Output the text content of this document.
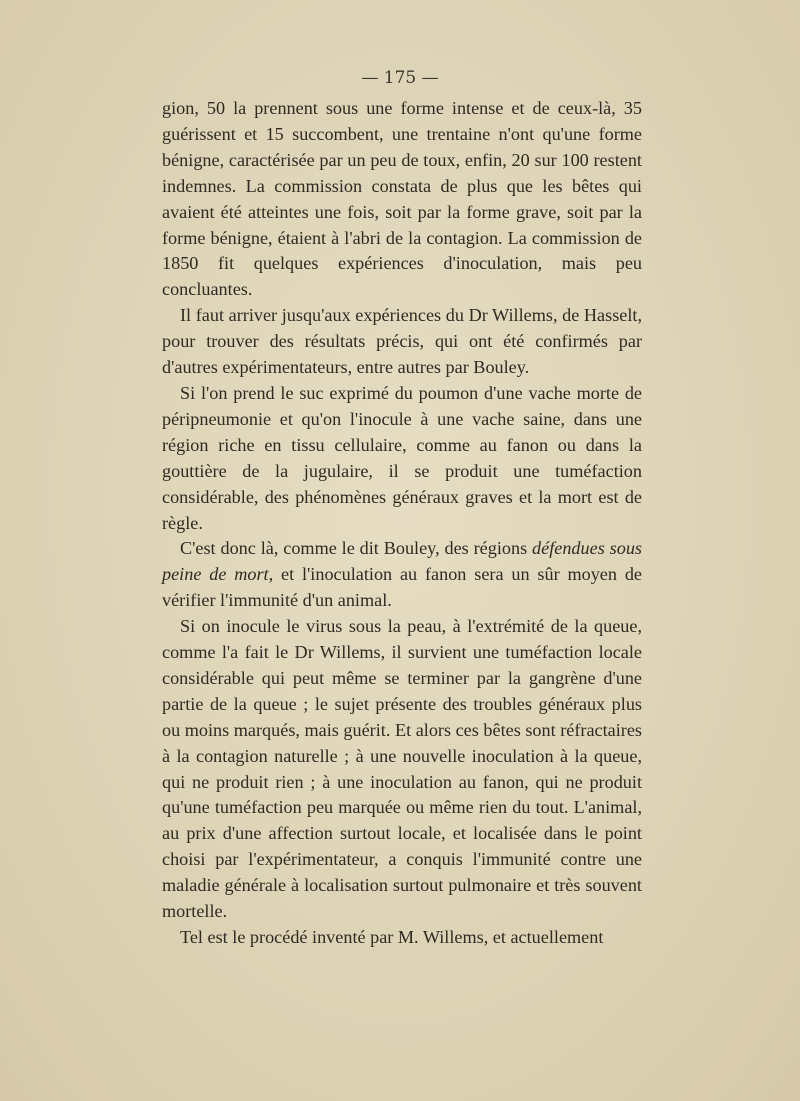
— 175 —

gion, 50 la prennent sous une forme intense et de ceux-là, 35 guérissent et 15 succombent, une trentaine n'ont qu'une forme bénigne, caractérisée par un peu de toux, enfin, 20 sur 100 restent indemnes. La commission constata de plus que les bêtes qui avaient été atteintes une fois, soit par la forme grave, soit par la forme bénigne, étaient à l'abri de la contagion. La commission de 1850 fit quelques expériences d'inoculation, mais peu concluantes.

Il faut arriver jusqu'aux expériences du Dr Willems, de Hasselt, pour trouver des résultats précis, qui ont été confirmés par d'autres expérimentateurs, entre autres par Bouley.

Si l'on prend le suc exprimé du poumon d'une vache morte de péripneumonie et qu'on l'inocule à une vache saine, dans une région riche en tissu cellulaire, comme au fanon ou dans la gouttière de la jugulaire, il se produit une tuméfaction considérable, des phénomènes généraux graves et la mort est de règle.

C'est donc là, comme le dit Bouley, des régions défendues sous peine de mort, et l'inoculation au fanon sera un sûr moyen de vérifier l'immunité d'un animal.

Si on inocule le virus sous la peau, à l'extrémité de la queue, comme l'a fait le Dr Willems, il survient une tuméfaction locale considérable qui peut même se terminer par la gangrène d'une partie de la queue ; le sujet présente des troubles généraux plus ou moins marqués, mais guérit. Et alors ces bêtes sont réfractaires à la contagion naturelle ; à une nouvelle inoculation à la queue, qui ne produit rien ; à une inoculation au fanon, qui ne produit qu'une tuméfaction peu marquée ou même rien du tout. L'animal, au prix d'une affection surtout locale, et localisée dans le point choisi par l'expérimentateur, a conquis l'immunité contre une maladie générale à localisation surtout pulmonaire et très souvent mortelle.

Tel est le procédé inventé par M. Willems, et actuellement
